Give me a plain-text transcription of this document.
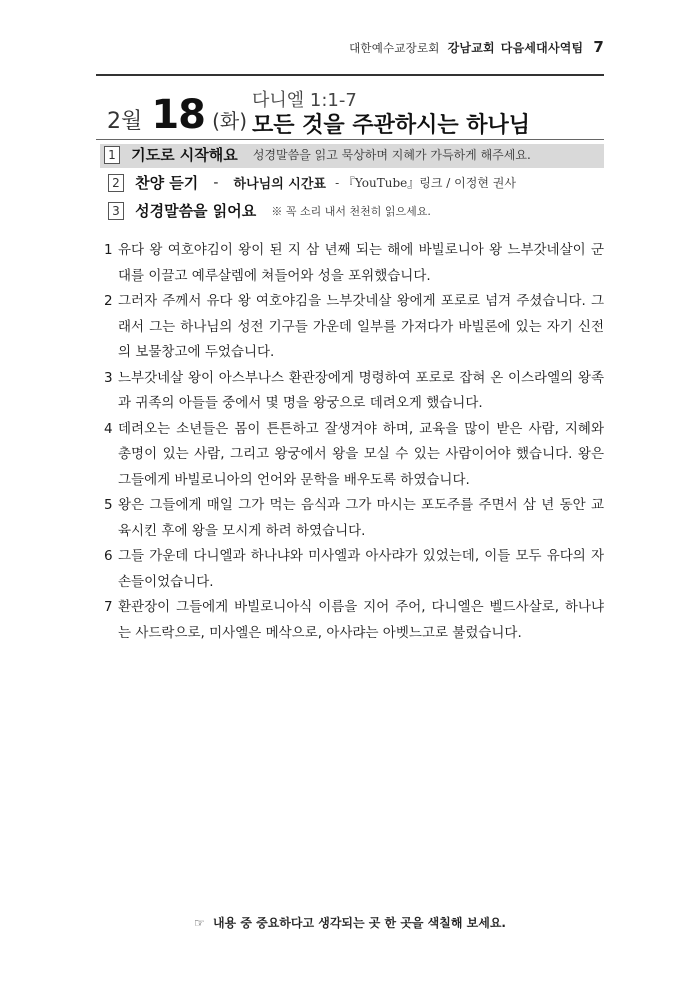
대한예수교장로회 강남교회 다음세대사역팀 7
2월 18 (화)
다니엘 1:1-7
모든 것을 주관하시는 하나님
1 기도로 시작해요 성경말씀을 읽고 묵상하며 지혜가 가득하게 해주세요.
2 찬양 듣기 - 하나님의 시간표 - 『YouTube』링크 / 이정현 권사
3 성경말씀을 읽어요 ※ 꼭 소리 내서 천천히 읽으세요.
1 유다 왕 여호야김이 왕이 된 지 삼 년째 되는 해에 바빌로니아 왕 느부갓네살이 군대를 이끌고 예루살렘에 쳐들어와 성을 포위했습니다.
2 그러자 주께서 유다 왕 여호야김을 느부갓네살 왕에게 포로로 넘겨 주셨습니다. 그래서 그는 하나님의 성전 기구들 가운데 일부를 가져다가 바빌론에 있는 자기 신전의 보물창고에 두었습니다.
3 느부갓네살 왕이 아스부나스 환관장에게 명령하여 포로로 잡혀 온 이스라엘의 왕족과 귀족의 아들들 중에서 몇 명을 왕궁으로 데려오게 했습니다.
4 데려오는 소년들은 몸이 튼튼하고 잘생겨야 하며, 교육을 많이 받은 사람, 지혜와 총명이 있는 사람, 그리고 왕궁에서 왕을 모실 수 있는 사람이어야 했습니다. 왕은 그들에게 바빌로니아의 언어와 문학을 배우도록 하였습니다.
5 왕은 그들에게 매일 그가 먹는 음식과 그가 마시는 포도주를 주면서 삼 년 동안 교육시킨 후에 왕을 모시게 하려 하였습니다.
6 그들 가운데 다니엘과 하나냐와 미사엘과 아사랴가 있었는데, 이들 모두 유다의 자손들이었습니다.
7 환관장이 그들에게 바빌로니아식 이름을 지어 주어, 다니엘은 벨드사살로, 하나냐는 사드락으로, 미사엘은 메삭으로, 아사랴는 아벳느고로 불렀습니다.
☞ 내용 중 중요하다고 생각되는 곳 한 곳을 색칠해 보세요.
